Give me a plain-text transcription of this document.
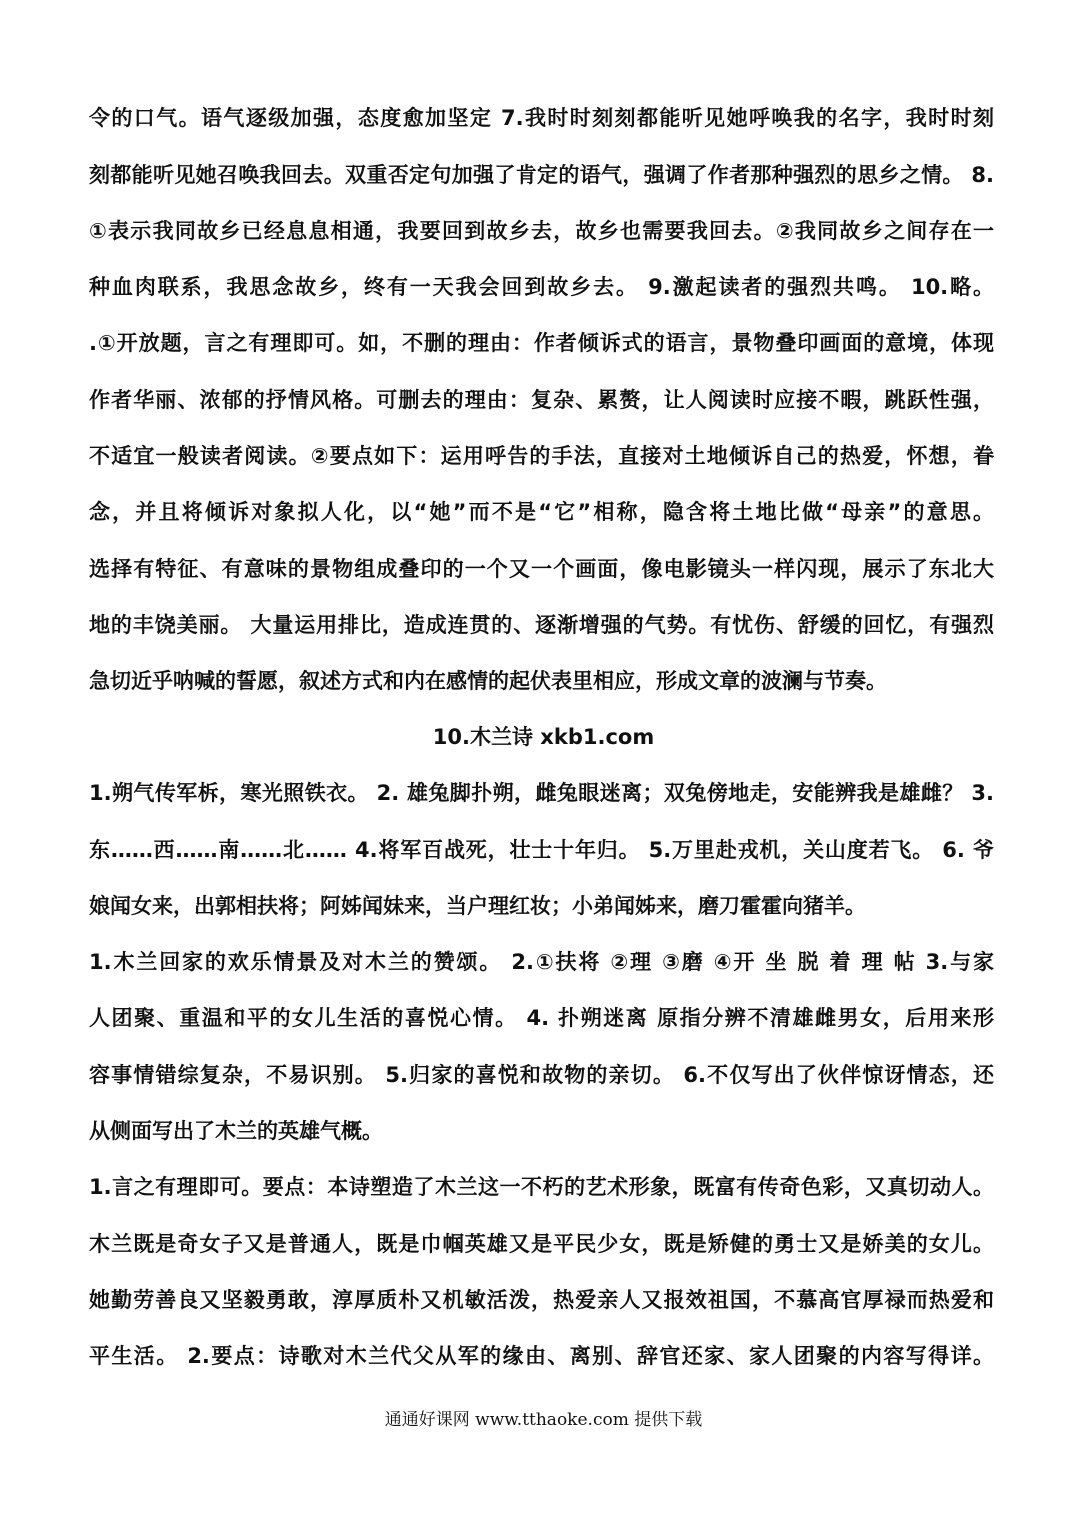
令的口气。语气逐级加强，态度愈加坚定 7.我时时刻刻都能听见她呼唤我的名字，我时时刻
刻都能听见她召唤我回去。双重否定句加强了肯定的语气，强调了作者那种强烈的思乡之情。 8.
①表示我同故乡已经息息相通，我要回到故乡去，故乡也需要我回去。②我同故乡之间存在一
种血肉联系，我思念故乡，终有一天我会回到故乡去。 9.激起读者的强烈共鸣。 10.略。
.①开放题，言之有理即可。如，不删的理由：作者倾诉式的语言，景物叠印画面的意境，体现
作者华丽、浓郁的抒情风格。可删去的理由：复杂、累赘，让人阅读时应接不暇，跳跃性强，
不适宜一般读者阅读。②要点如下：运用呼告的手法，直接对土地倾诉自己的热爱，怀想，眷
念，并且将倾诉对象拟人化，以“她”而不是“它”相称，隐含将土地比做“母亲”的意思。
选择有特征、有意味的景物组成叠印的一个又一个画面，像电影镜头一样闪现，展示了东北大
地的丰饶美丽。 大量运用排比，造成连贯的、逐渐增强的气势。有忧伤、舒缓的回忆，有强烈
急切近乎呐喊的誓愿，叙述方式和内在感情的起伏表里相应，形成文章的波澜与节奏。
10.木兰诗 xkb1.com
1.朔气传军柝，寒光照铁衣。 2. 雄兔脚扑朔，雌兔眼迷离；双兔傍地走，安能辨我是雄雌？ 3.
东……西……南……北…… 4.将军百战死，壮士十年归。 5.万里赴戎机，关山度若飞。 6. 爷
娘闻女来，出郭相扶将；阿姊闻妹来，当户理红妆；小弟闻姊来，磨刀霍霍向猪羊。
1.木兰回家的欢乐情景及对木兰的赞颂。 2.①扶将 ②理 ③磨 ④开 坐 脱 着 理 帖 3.与家
人团聚、重温和平的女儿生活的喜悦心情。 4. 扑朔迷离 原指分辨不清雄雌男女，后用来形
容事情错综复杂，不易识别。 5.归家的喜悦和故物的亲切。 6.不仅写出了伙伴惊讶情态，还
从侧面写出了木兰的英雄气概。
1.言之有理即可。要点：本诗塑造了木兰这一不朽的艺术形象，既富有传奇色彩，又真切动人。
木兰既是奇女子又是普通人，既是巾帼英雄又是平民少女，既是矫健的勇士又是娇美的女儿。
她勤劳善良又坚毅勇敢，淳厚质朴又机敏活泼，热爱亲人又报效祖国，不慕高官厚禄而热爱和
平生活。 2.要点：诗歌对木兰代父从军的缘由、离别、辞官还家、家人团聚的内容写得详。
通通好课网 www.tthaoke.com 提供下载
